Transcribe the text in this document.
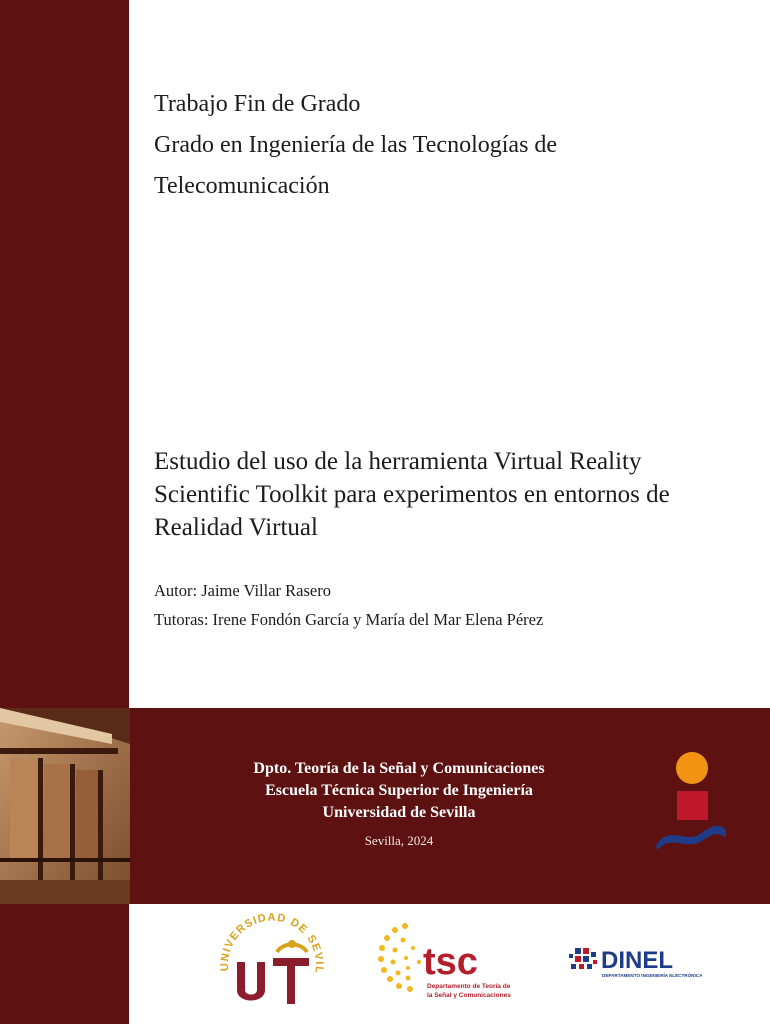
Trabajo Fin de Grado
Grado en Ingeniería de las Tecnologías de
Telecomunicación
Estudio del uso de la herramienta Virtual Reality
Scientific Toolkit para experimentos en entornos de
Realidad Virtual
Autor: Jaime Villar Rasero
Tutoras: Irene Fondón García y María del Mar Elena Pérez
Dpto. Teoría de la Señal y Comunicaciones
Escuela Técnica Superior de Ingeniería
Universidad de Sevilla
Sevilla, 2024
UNIVERSIDAD DE SEVIL	tsc
Departamento de Teoría de
la Señal y Comunicaciones
DINEL
DEPARTAMENTO INGENIERÍA ELECTRÓNICA
